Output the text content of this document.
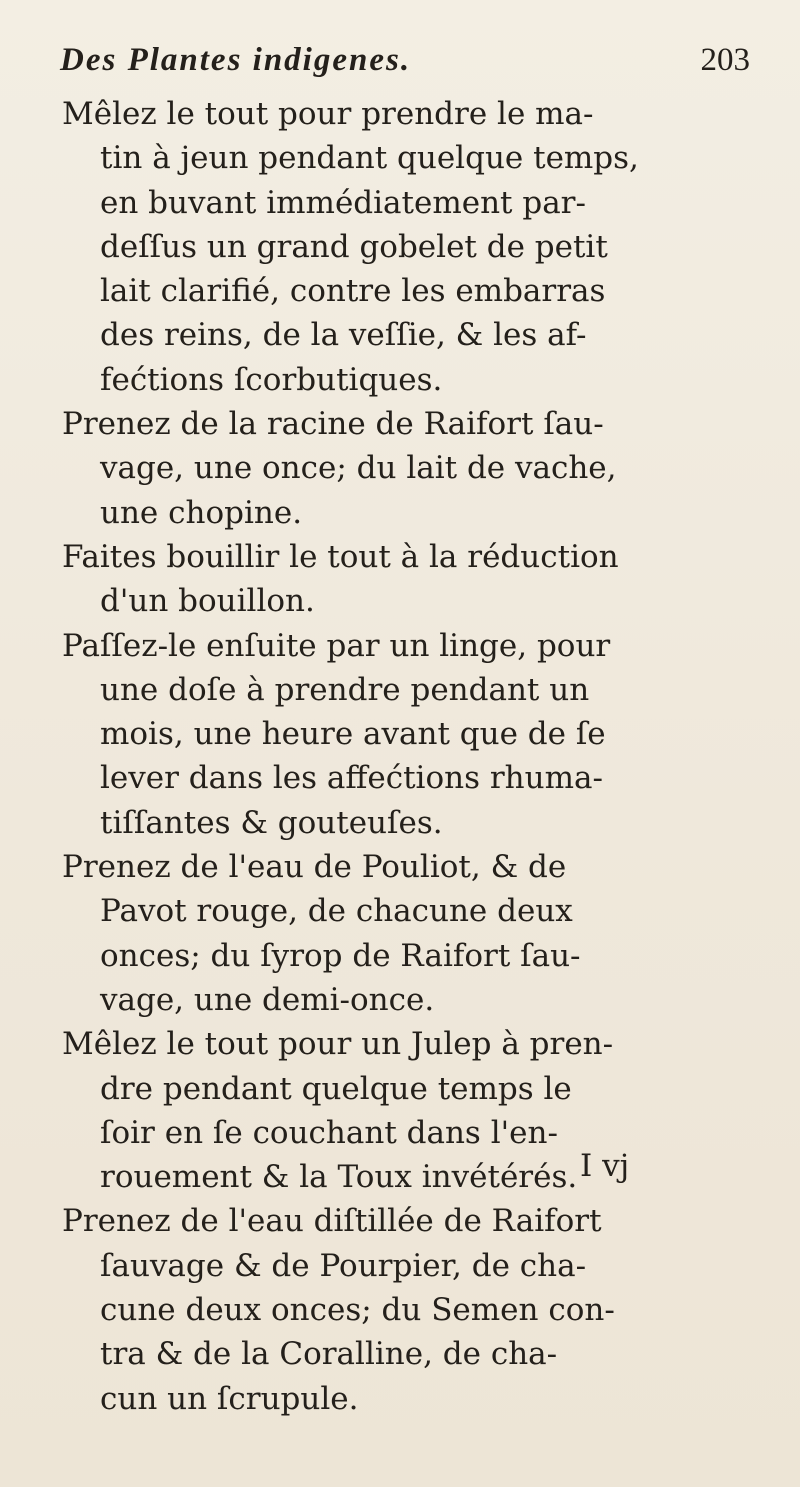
Des Plantes indigenes.	203
Mêlez le tout pour prendre le ma-
tin à jeun pendant quelque temps,
en buvant immédiatement par-
deſſus un grand gobelet de petit
lait clarifié, contre les embarras
des reins, de la veſſie, & les af-
fećtions ſcorbutiques.
Prenez de la racine de Raifort ſau-
vage, une once; du lait de vache,
une chopine.
Faites bouillir le tout à la réduction
d'un bouillon.
Paſſez-le enſuite par un linge, pour
une doſe à prendre pendant un
mois, une heure avant que de ſe
lever dans les affećtions rhuma-
tiſſantes & gouteuſes.
Prenez de l'eau de Pouliot, & de
Pavot rouge, de chacune deux
onces; du ſyrop de Raifort ſau-
vage, une demi-once.
Mêlez le tout pour un Julep à pren-
dre pendant quelque temps le
ſoir en ſe couchant dans l'en-
rouement & la Toux invétérés.
Prenez de l'eau diſtillée de Raifort
ſauvage & de Pourpier, de cha-
cune deux onces; du Semen con-
tra & de la Coralline, de cha-
cun un ſcrupule.
I vj
